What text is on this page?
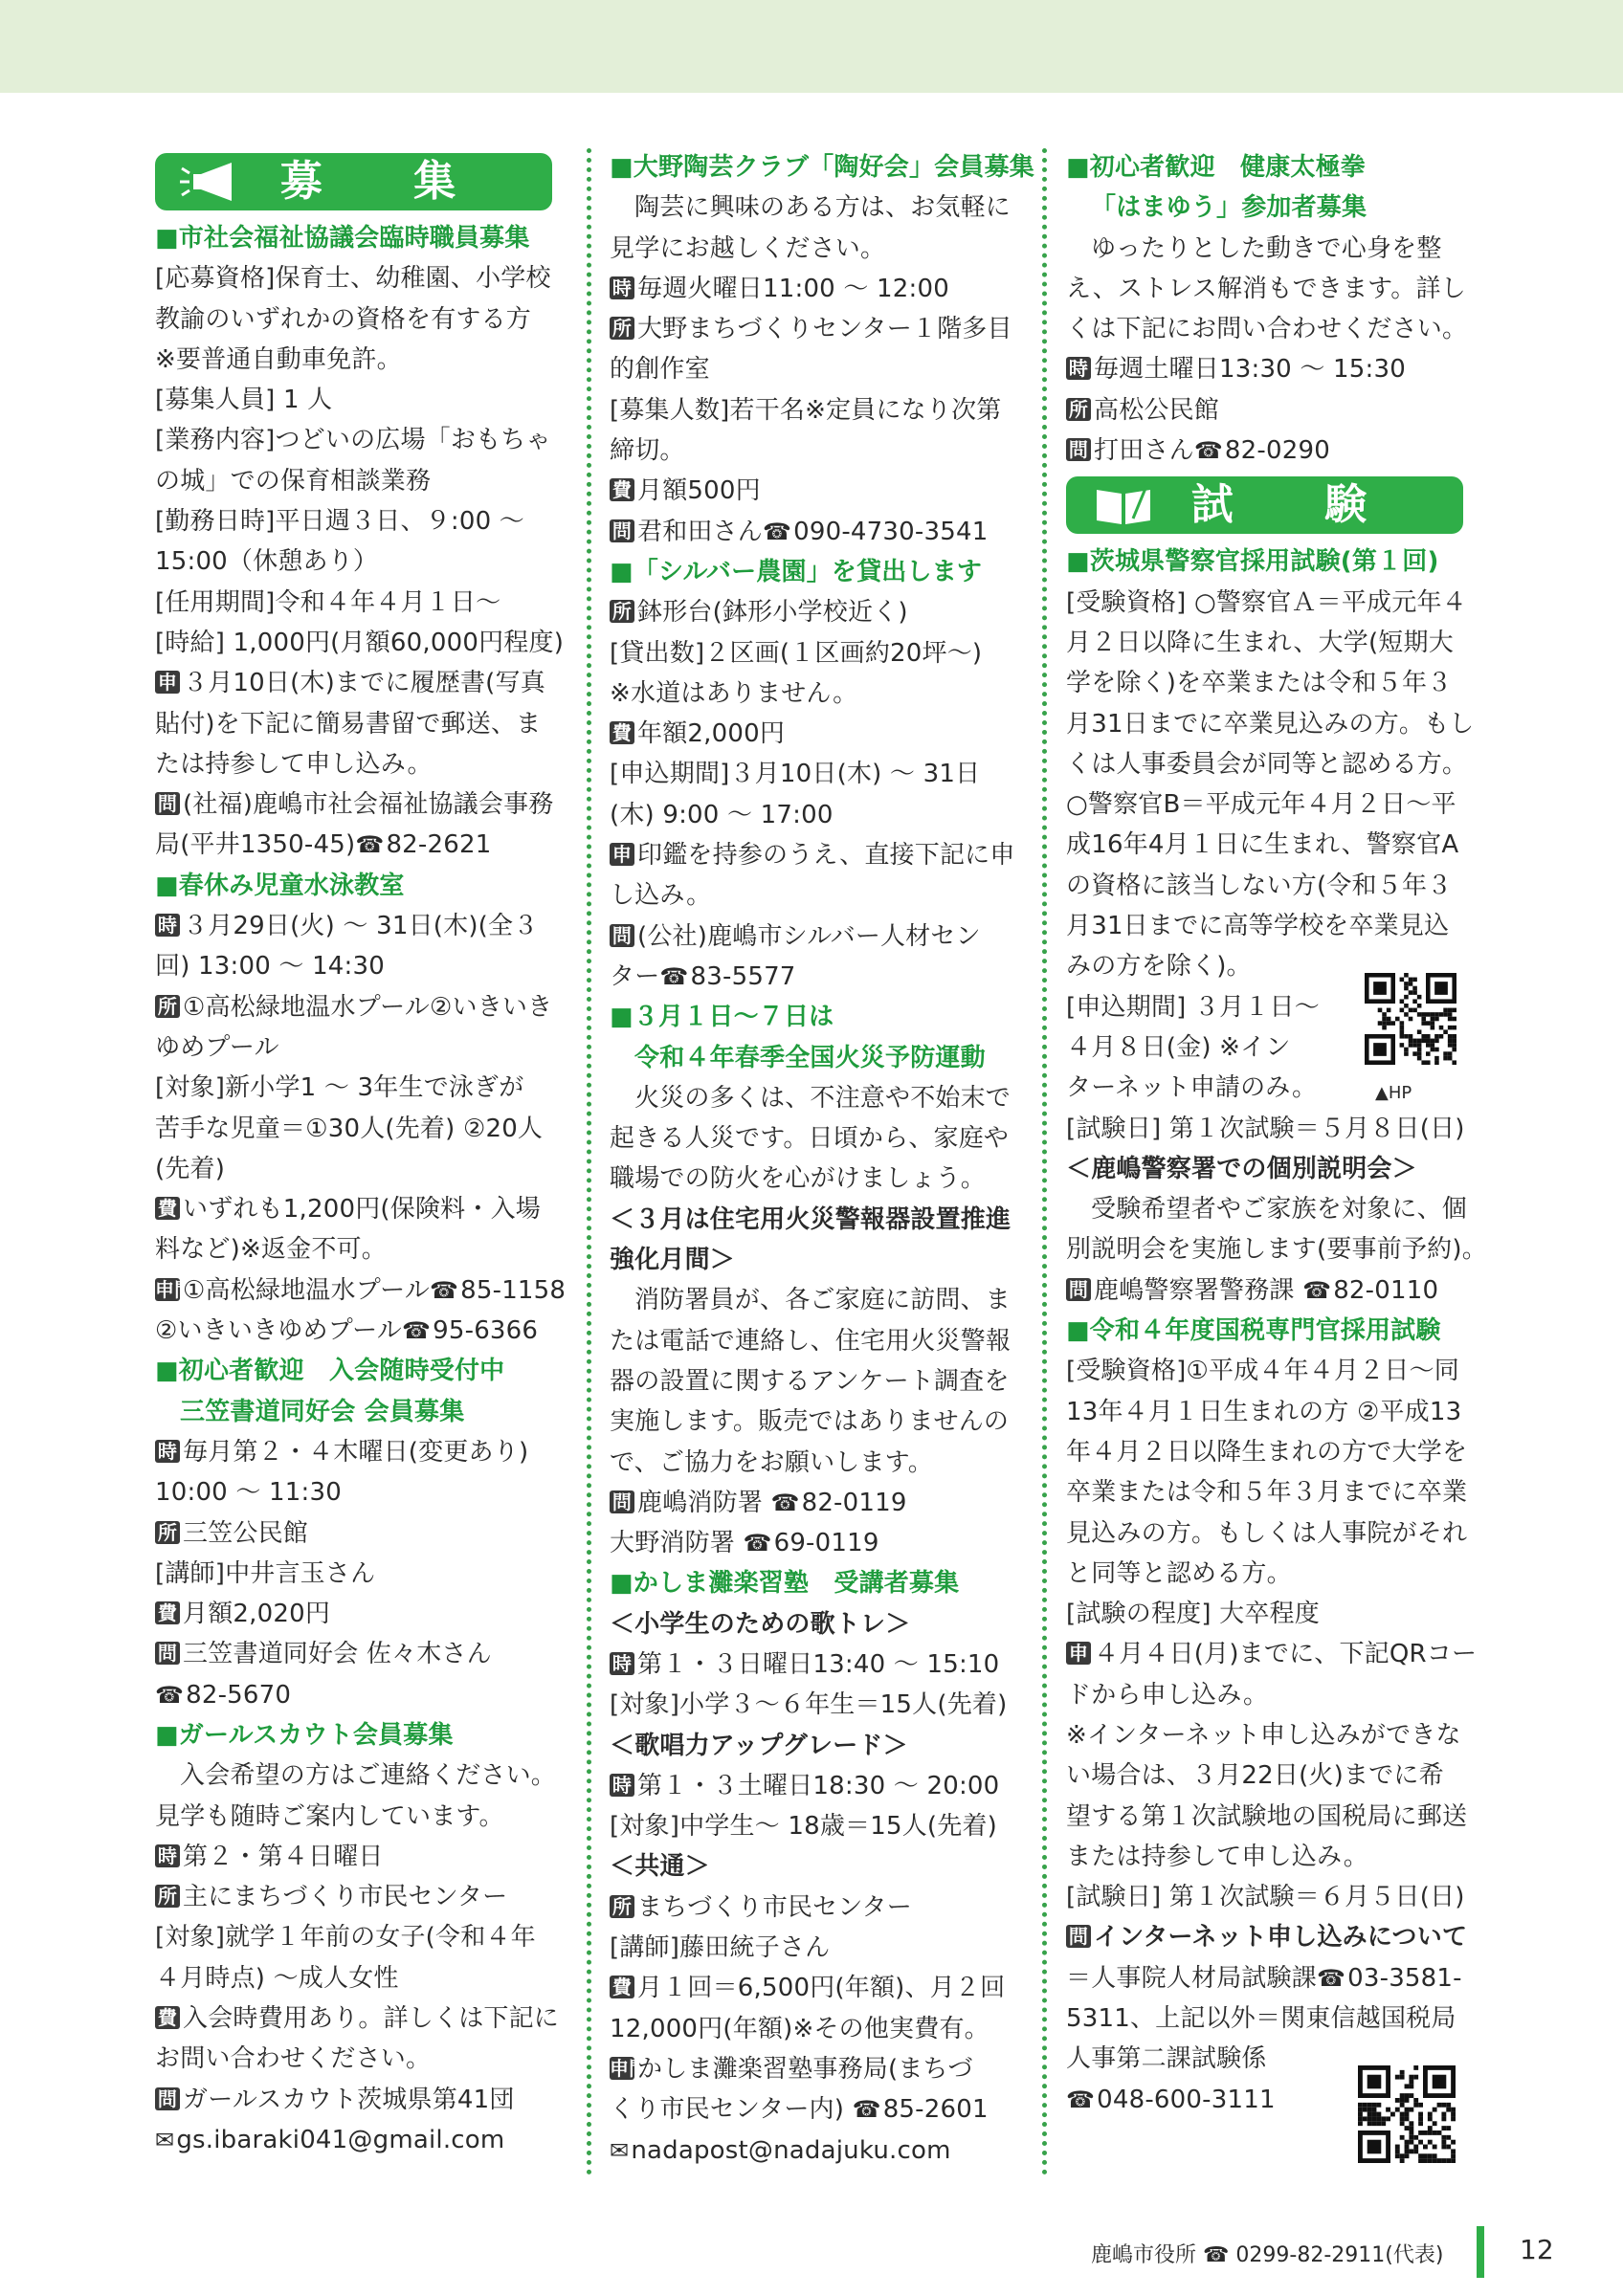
募 集

■市社会福祉協議会臨時職員募集

[応募資格]保育士、幼稚園、小学校

教諭のいずれかの資格を有する方

※要普通自動車免許。

[募集人員] 1 人

[業務内容]つどいの広場「おもちゃ

の城」での保育相談業務

[勤務日時]平日週３日、９:00 ～

15:00（休憩あり）

[任用期間]令和４年４月１日～

[時給] 1,000円(月額60,000円程度)

申 ３月10日(木)までに履歴書(写真

貼付)を下記に簡易書留で郵送、ま

たは持参して申し込み。

問 (社福)鹿嶋市社会福祉協議会事務

局(平井1350-45)☎82-2621

■春休み児童水泳教室

時 ３月29日(火) ～ 31日(木)(全３

回) 13:00 ～ 14:30

所 ①高松緑地温水プール②いきいき

ゆめプール

[対象]新小学1 ～ 3年生で泳ぎが

苦手な児童＝①30人(先着) ②20人

(先着)

費 いずれも1,200円(保険料・入場

料など)※返金不可。

申問①高松緑地温水プール☎85-1158

②いきいきゆめプール☎95-6366

■初心者歓迎　入会随時受付中

三笠書道同好会 会員募集

時 毎月第２・４木曜日(変更あり)

10:00 ～ 11:30

所 三笠公民館

[講師]中井言玉さん

費 月額2,020円

問 三笠書道同好会 佐々木さん

☎82-5670

■ガールスカウト会員募集

入会希望の方はご連絡ください。

見学も随時ご案内しています。

時 第２・第４日曜日

所 主にまちづくり市民センター

[対象]就学１年前の女子(令和４年

４月時点) ～成人女性

費 入会時費用あり。詳しくは下記に

お問い合わせください。

問 ガールスカウト茨城県第41団

✉gs.ibaraki041@gmail.com

■大野陶芸クラブ「陶好会」会員募集

陶芸に興味のある方は、お気軽に

見学にお越しください。

時 毎週火曜日11:00 ～ 12:00

所 大野まちづくりセンター１階多目

的創作室

[募集人数]若干名※定員になり次第

締切。

費 月額500円

問 君和田さん☎090-4730-3541

■「シルバー農園」を貸出します

所 鉢形台(鉢形小学校近く)

[貸出数]２区画(１区画約20坪～)

※水道はありません。

費 年額2,000円

[申込期間]３月10日(木) ～ 31日

(木) 9:00 ～ 17:00

申 印鑑を持参のうえ、直接下記に申

し込み。

問 (公社)鹿嶋市シルバー人材セン

ター☎83-5577

■３月１日～７日は

令和４年春季全国火災予防運動

火災の多くは、不注意や不始末で

起きる人災です。日頃から、家庭や

職場での防火を心がけましょう。

＜３月は住宅用火災警報器設置推進

強化月間＞

消防署員が、各ご家庭に訪問、ま

たは電話で連絡し、住宅用火災警報

器の設置に関するアンケート調査を

実施します。販売ではありませんの

で、ご協力をお願いします。

問 鹿嶋消防署 ☎82-0119

大野消防署 ☎69-0119

■かしま灘楽習塾　受講者募集

＜小学生のための歌トレ＞

時 第１・３日曜日13:40 ～ 15:10

[対象]小学３～６年生＝15人(先着)

＜歌唱力アップグレード＞

時 第１・３土曜日18:30 ～ 20:00

[対象]中学生～ 18歳＝15人(先着)

＜共通＞

所 まちづくり市民センター

[講師]藤田統子さん

費 月１回＝6,500円(年額)、月２回

12,000円(年額)※その他実費有。

申問かしま灘楽習塾事務局(まちづ

くり市民センター内) ☎85-2601

✉nadapost@nadajuku.com

■初心者歓迎　健康太極拳

「はまゆう」参加者募集

ゆったりとした動きで心身を整

え、ストレス解消もできます。詳し

くは下記にお問い合わせください。

時 毎週土曜日13:30 ～ 15:30

所 高松公民館

問 打田さん☎82-0290

試 験

■茨城県警察官採用試験(第１回)

[受験資格] ○警察官Ａ＝平成元年４

月２日以降に生まれ、大学(短期大

学を除く)を卒業または令和５年３

月31日までに卒業見込みの方。もし

くは人事委員会が同等と認める方。

○警察官B＝平成元年４月２日～平

成16年4月１日に生まれ、警察官A

の資格に該当しない方(令和５年３

月31日までに高等学校を卒業見込

みの方を除く)。

[申込期間] ３月１日～

４月８日(金) ※イン

ターネット申請のみ。

[試験日] 第１次試験＝５月８日(日)

＜鹿嶋警察署での個別説明会＞

受験希望者やご家族を対象に、個

別説明会を実施します(要事前予約)。

問 鹿嶋警察署警務課 ☎82-0110

■令和４年度国税専門官採用試験

[受験資格]①平成４年４月２日～同

13年４月１日生まれの方 ②平成13

年４月２日以降生まれの方で大学を

卒業または令和５年３月までに卒業

見込みの方。もしくは人事院がそれ

と同等と認める方。

[試験の程度] 大卒程度

申 ４月４日(月)までに、下記QRコー

ドから申し込み。

※インターネット申し込みができな

い場合は、３月22日(火)までに希

望する第１次試験地の国税局に郵送

または持参して申し込み。

[試験日] 第１次試験＝６月５日(日)

問 インターネット申し込みについて

＝人事院人材局試験課☎03-3581-

5311、上記以外＝関東信越国税局

人事第二課試験係

☎048-600-3111

▲HP
鹿嶋市役所 ☎ 0299-82-2911(代表)	12
